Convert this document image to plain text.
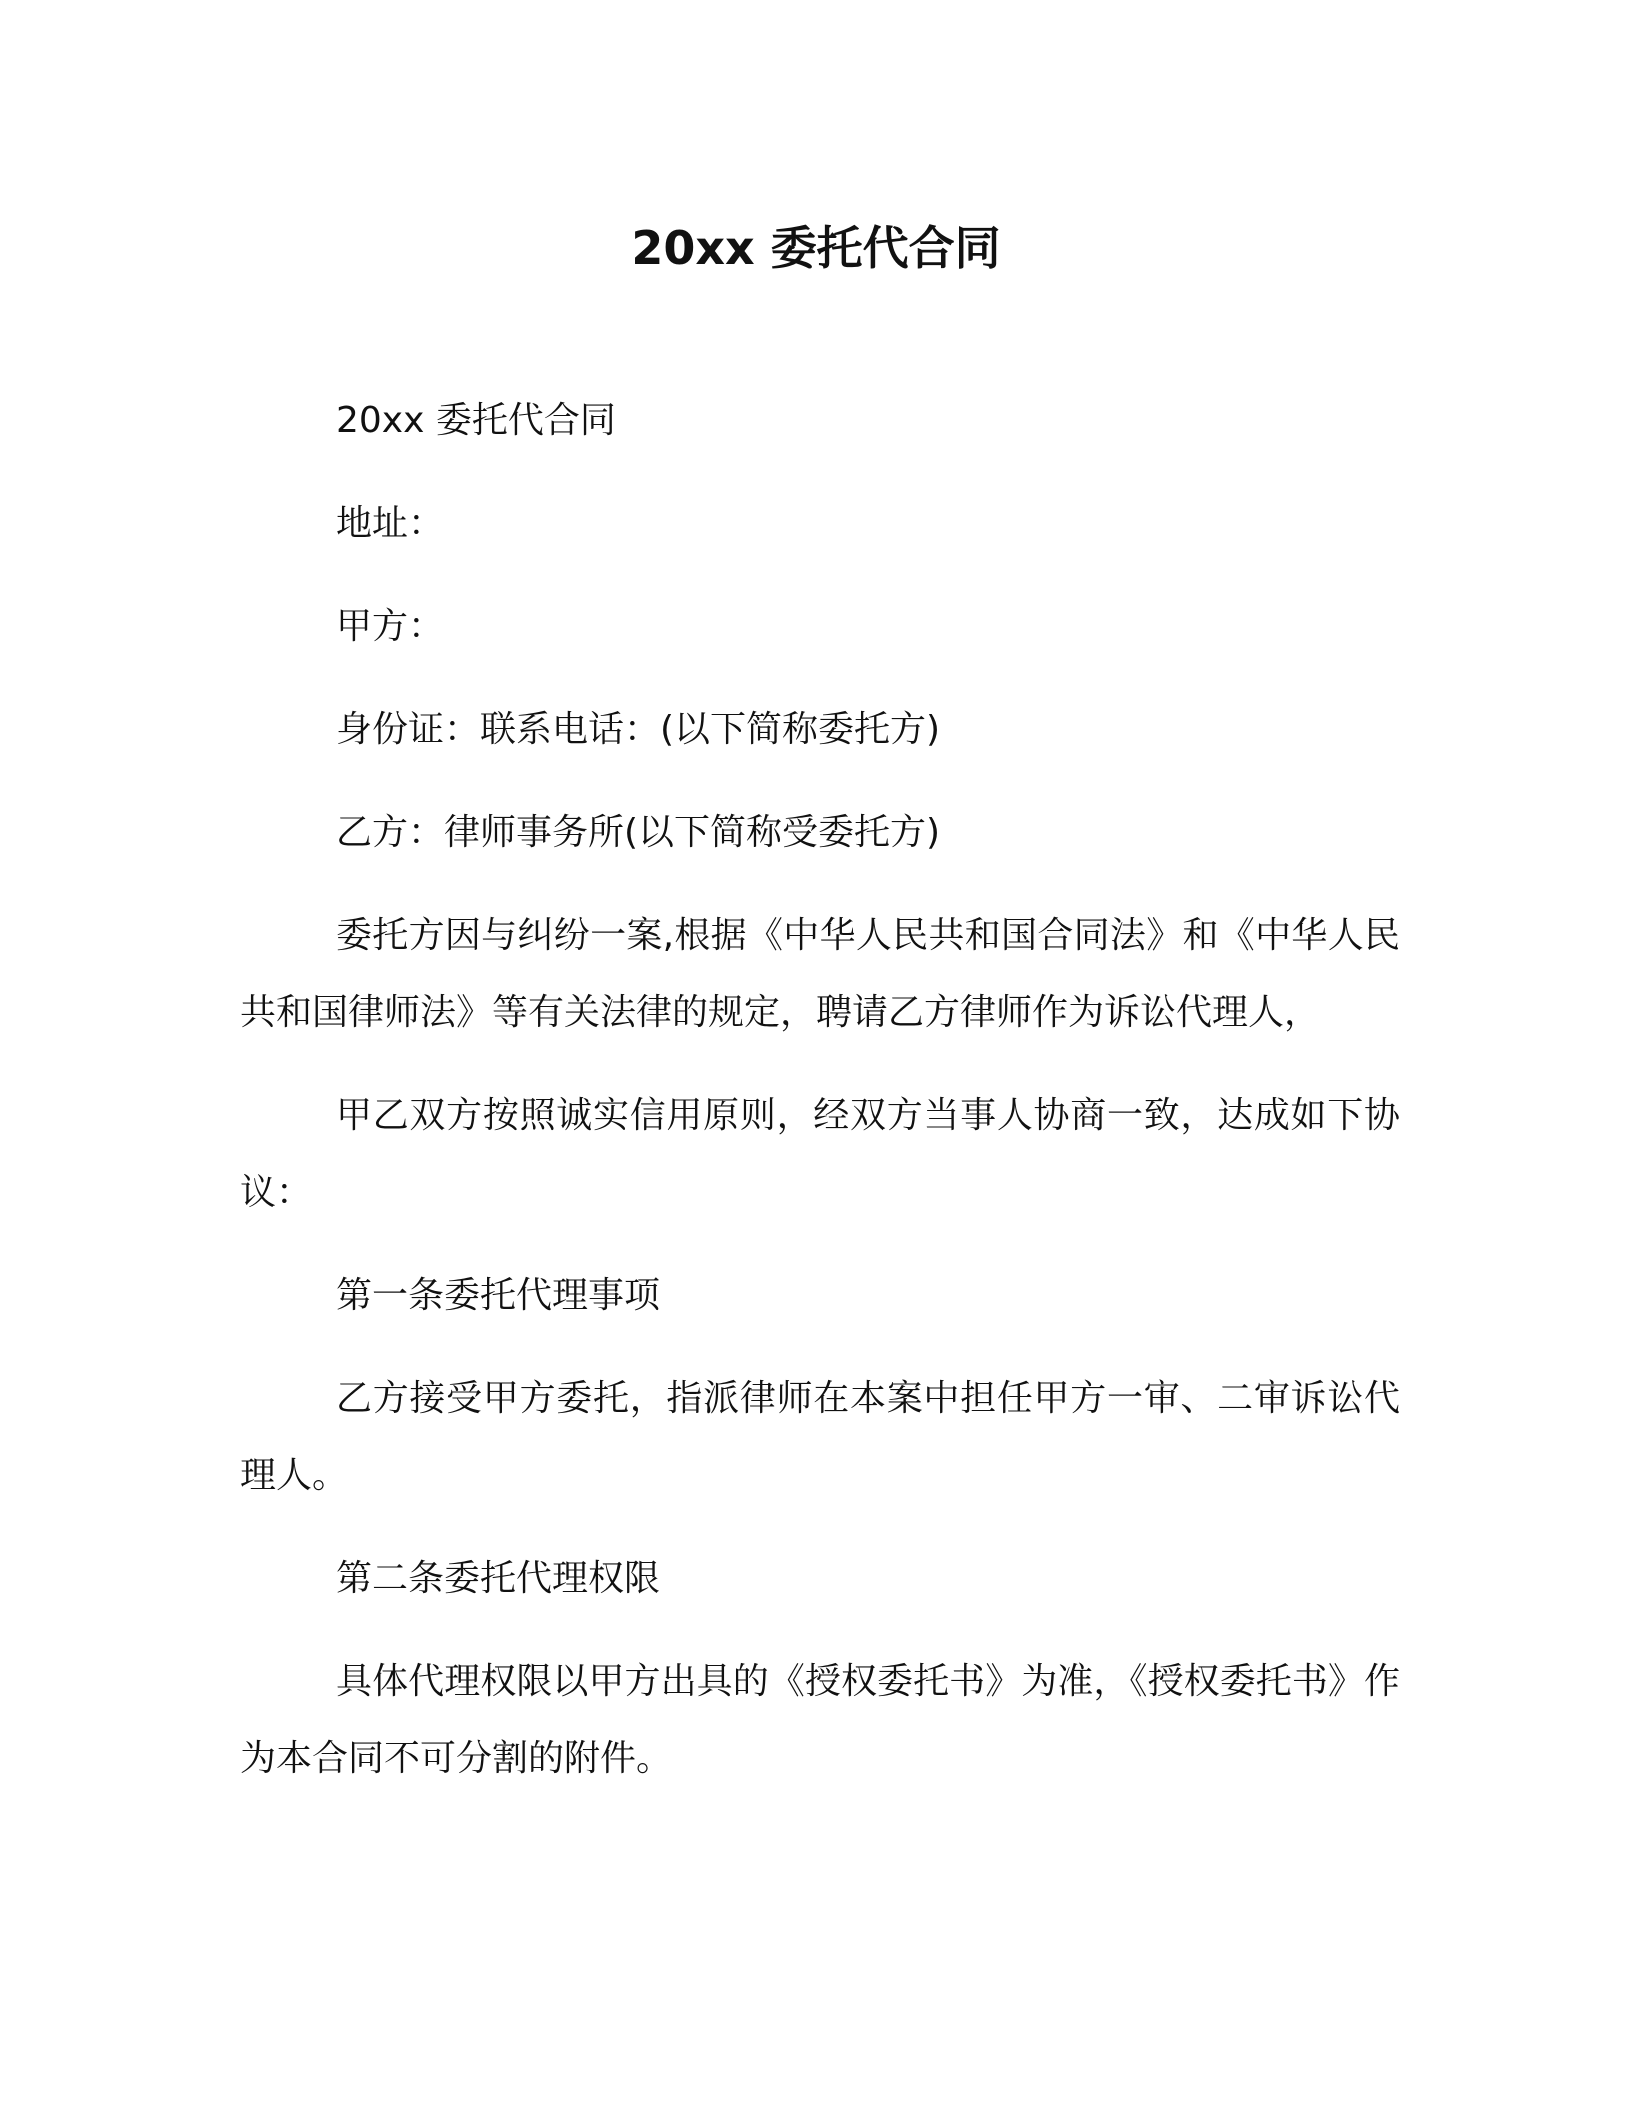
20xx 委托代合同

20xx 委托代合同

地址：

甲方：

身份证：联系电话：(以下简称委托方)

乙方：律师事务所(以下简称受委托方)

委托方因与纠纷一案,根据《中华人民共和国合同法》和《中华人民共和国律师法》等有关法律的规定，聘请乙方律师作为诉讼代理人，

甲乙双方按照诚实信用原则，经双方当事人协商一致，达成如下协议：

第一条委托代理事项

乙方接受甲方委托，指派律师在本案中担任甲方一审、二审诉讼代理人。

第二条委托代理权限

具体代理权限以甲方出具的《授权委托书》为准，《授权委托书》作为本合同不可分割的附件。
